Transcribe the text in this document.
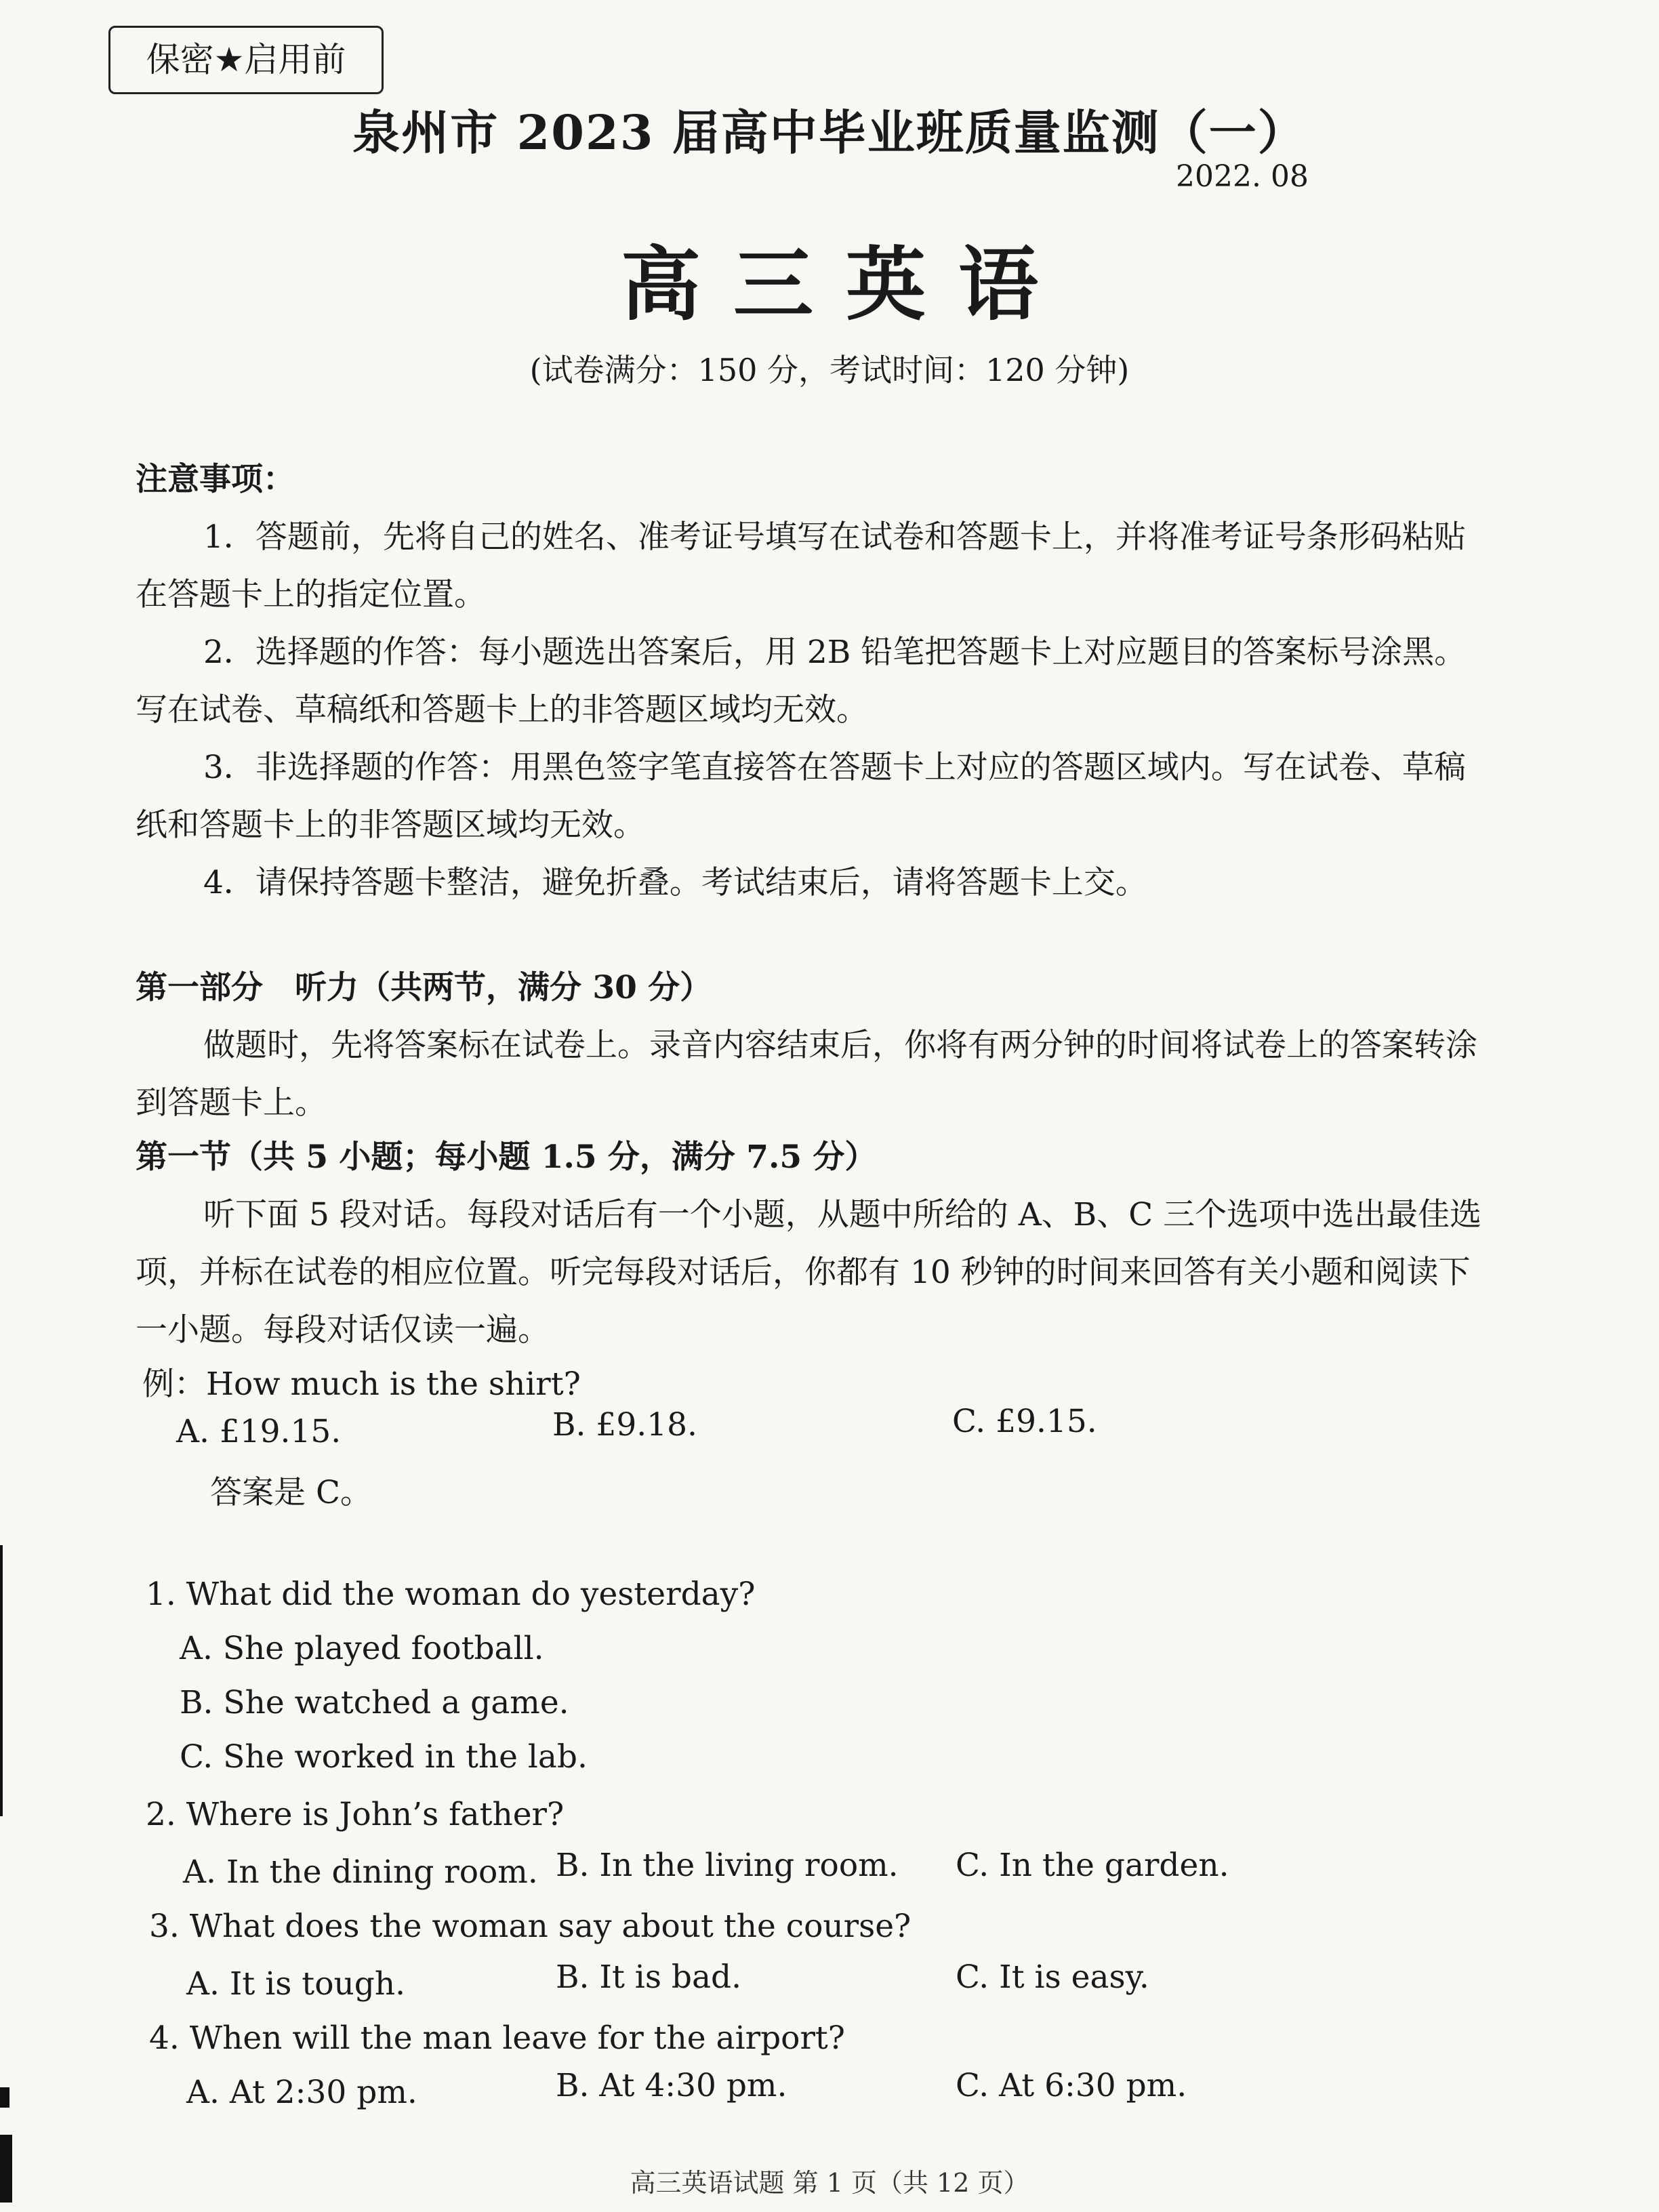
保密★启用前
泉州市 2023 届高中毕业班质量监测（一）
2022. 08
高三英语
(试卷满分：150 分，考试时间：120 分钟)
注意事项：
1．答题前，先将自己的姓名、准考证号填写在试卷和答题卡上，并将准考证号条形码粘贴
在答题卡上的指定位置。
2．选择题的作答：每小题选出答案后，用 2B 铅笔把答题卡上对应题目的答案标号涂黑。
写在试卷、草稿纸和答题卡上的非答题区域均无效。
3．非选择题的作答：用黑色签字笔直接答在答题卡上对应的答题区域内。写在试卷、草稿
纸和答题卡上的非答题区域均无效。
4．请保持答题卡整洁，避免折叠。考试结束后，请将答题卡上交。
第一部分　听力（共两节，满分 30 分）
做题时，先将答案标在试卷上。录音内容结束后，你将有两分钟的时间将试卷上的答案转涂
到答题卡上。
第一节（共 5 小题；每小题 1.5 分，满分 7.5 分）
听下面 5 段对话。每段对话后有一个小题，从题中所给的 A、B、C 三个选项中选出最佳选
项，并标在试卷的相应位置。听完每段对话后，你都有 10 秒钟的时间来回答有关小题和阅读下
一小题。每段对话仅读一遍。
例：How much is the shirt?
A. £19.15.	B. £9.18.	C. £9.15.
答案是 C。
1. What did the woman do yesterday?
A. She played football.
B. She watched a game.
C. She worked in the lab.
2. Where is John’s father?
A. In the dining room. B. In the living room. C. In the garden.
3. What does the woman say about the course?
A. It is tough.	B. It is bad.	C. It is easy.
4. When will the man leave for the airport?
A. At 2:30 pm.	B. At 4:30 pm.	C. At 6:30 pm.
高三英语试题 第 1 页（共 12 页）
